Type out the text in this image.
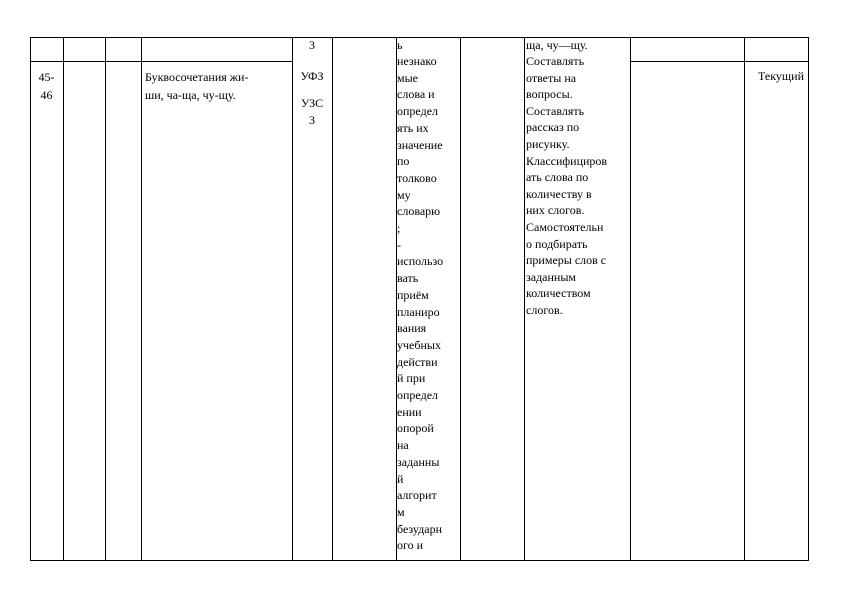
3	ь	ща, чу—щу.
45-
46
Буквосочетания жи-
ши, ча-ща, чу-щу.
УФЗ
УЗС
3
незнако
мые
слова и
определ
ять их
значение
по
толково
му
словарю
;
-
использо
вать
приём
планиро
вания
учебных
действи
й при
определ
ении
опорой
на
заданны
й
алгорит
м
безударн
ого и
Составлять
ответы на
вопросы.
Составлять
рассказ по
рисунку.
Классифициров
ать слова по
количеству в
них слогов.
Самостоятельн
о подбирать
примеры слов с
заданным
количеством
слогов.
Текущий
